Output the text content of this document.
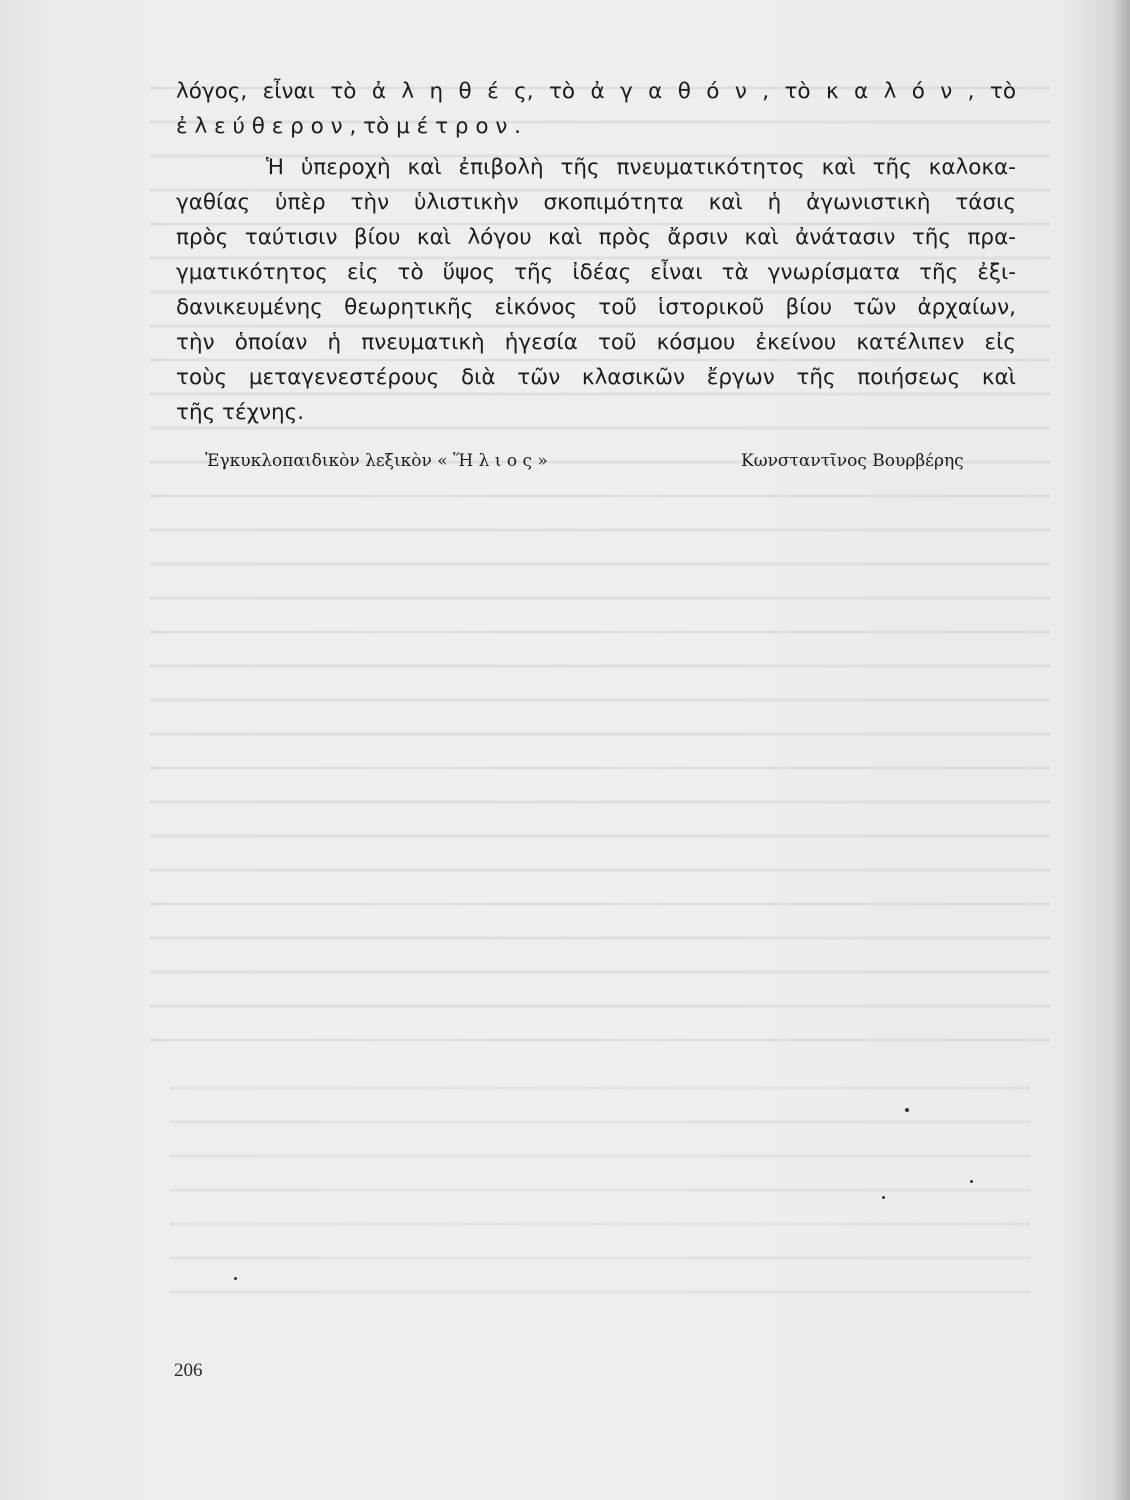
λόγος, εἶναι τὸ ἀ λ η θ έ ς, τὸ ἀ γ α θ ό ν , τὸ κ α λ ό ν , τὸ
ἐ λ ε ύ θ ε ρ ο ν , τὸ μ έ τ ρ ο ν .
Ἡ ὑπεροχὴ καὶ ἐπιβολὴ τῆς πνευματικότητος καὶ τῆς καλοκα-
γαθίας ὑπὲρ τὴν ὑλιστικὴν σκοπιμότητα καὶ ἡ ἀγωνιστικὴ τάσις
πρὸς ταύτισιν βίου καὶ λόγου καὶ πρὸς ἄρσιν καὶ ἀνάτασιν τῆς πρα-
γματικότητος εἰς τὸ ὕψος τῆς ἰδέας εἶναι τὰ γνωρίσματα τῆς ἐξι-
δανικευμένης θεωρητικῆς εἰκόνος τοῦ ἱστορικοῦ βίου τῶν ἀρχαίων,
τὴν ὁποίαν ἡ πνευματικὴ ἡγεσία τοῦ κόσμου ἐκείνου κατέλιπεν εἰς
τοὺς μεταγενεστέρους διὰ τῶν κλασικῶν ἔργων τῆς ποιήσεως καὶ
τῆς τέχνης.
Ἐγκυκλοπαιδικὸν λεξικὸν « Ἥ λ ι ο ς »	Κωνσταντῖνος Βουρβέρης
206
